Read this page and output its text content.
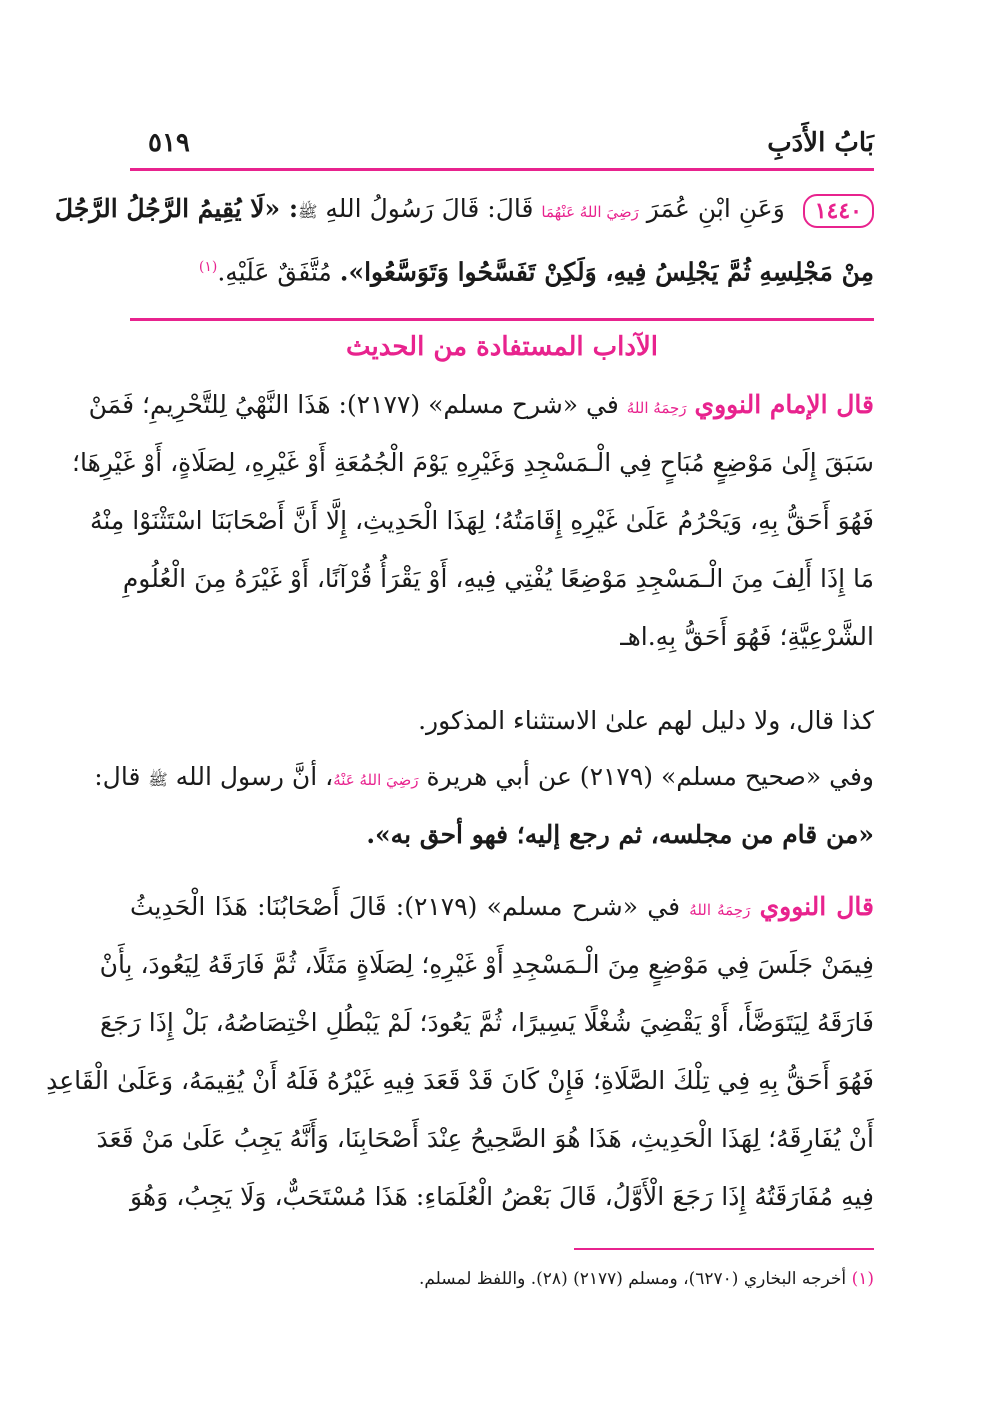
بَابُ الأَدَبِ
٥١٩
١٤٤٠ وَعَنِ ابْنِ عُمَرَ رَضِيَ اللهُ عَنْهُمَا قَالَ: قَالَ رَسُولُ اللهِ ﷺ: «لَا يُقِيمُ الرَّجُلُ الرَّجُلَ
مِنْ مَجْلِسِهِ ثُمَّ يَجْلِسُ فِيهِ، وَلَكِنْ تَفَسَّحُوا وَتَوَسَّعُوا». مُتَّفَقٌ عَلَيْهِ.$^{(١)}$
الآداب المستفادة من الحديث
قال الإمام النووي رَحِمَهُ اللهُ في «شرح مسلم» (٢١٧٧): هَذَا النَّهْيُ لِلتَّحْرِيمِ؛ فَمَنْ
سَبَقَ إِلَىٰ مَوْضِعٍ مُبَاحٍ فِي الْـمَسْجِدِ وَغَيْرِهِ يَوْمَ الْجُمُعَةِ أَوْ غَيْرِهِ، لِصَلَاةٍ، أَوْ غَيْرِهَا؛
فَهُوَ أَحَقُّ بِهِ، وَيَحْرُمُ عَلَىٰ غَيْرِهِ إِقَامَتُهُ؛ لِهَذَا الْحَدِيثِ، إِلَّا أَنَّ أَصْحَابَنَا اسْتَثْنَوْا مِنْهُ
مَا إِذَا أَلِفَ مِنَ الْـمَسْجِدِ مَوْضِعًا يُفْتِي فِيهِ، أَوْ يَقْرَأُ قُرْآنًا، أَوْ غَيْرَهُ مِنَ الْعُلُومِ
الشَّرْعِيَّةِ؛ فَهُوَ أَحَقُّ بِهِ.اهـ
كذا قال، ولا دليل لهم علىٰ الاستثناء المذكور.
وفي «صحيح مسلم» (٢١٧٩) عن أبي هريرة رَضِيَ اللهُ عَنْهُ، أنَّ رسول الله ﷺ قال:
«من قام من مجلسه، ثم رجع إليه؛ فهو أحق به».
قال النووي رَحِمَهُ اللهُ في «شرح مسلم» (٢١٧٩): قَالَ أَصْحَابُنَا: هَذَا الْحَدِيثُ
فِيمَنْ جَلَسَ فِي مَوْضِعٍ مِنَ الْـمَسْجِدِ أَوْ غَيْرِهِ؛ لِصَلَاةٍ مَثَلًا، ثُمَّ فَارَقَهُ لِيَعُودَ، بِأَنْ
فَارَقَهُ لِيَتَوَضَّأَ، أَوْ يَقْضِيَ شُغْلًا يَسِيرًا، ثُمَّ يَعُودَ؛ لَمْ يَبْطُلِ اخْتِصَاصُهُ، بَلْ إِذَا رَجَعَ
فَهُوَ أَحَقُّ بِهِ فِي تِلْكَ الصَّلَاةِ؛ فَإِنْ كَانَ قَدْ قَعَدَ فِيهِ غَيْرُهُ فَلَهُ أَنْ يُقِيمَهُ، وَعَلَىٰ الْقَاعِدِ
أَنْ يُفَارِقَهُ؛ لِهَذَا الْحَدِيثِ، هَذَا هُوَ الصَّحِيحُ عِنْدَ أَصْحَابِنَا، وَأَنَّهُ يَجِبُ عَلَىٰ مَنْ قَعَدَ
فِيهِ مُفَارَقَتُهُ إِذَا رَجَعَ الْأَوَّلُ، قَالَ بَعْضُ الْعُلَمَاءِ: هَذَا مُسْتَحَبٌّ، وَلَا يَجِبُ، وَهُوَ
(١) أخرجه البخاري (٦٢٧٠)، ومسلم (٢١٧٧) (٢٨). واللفظ لمسلم.
